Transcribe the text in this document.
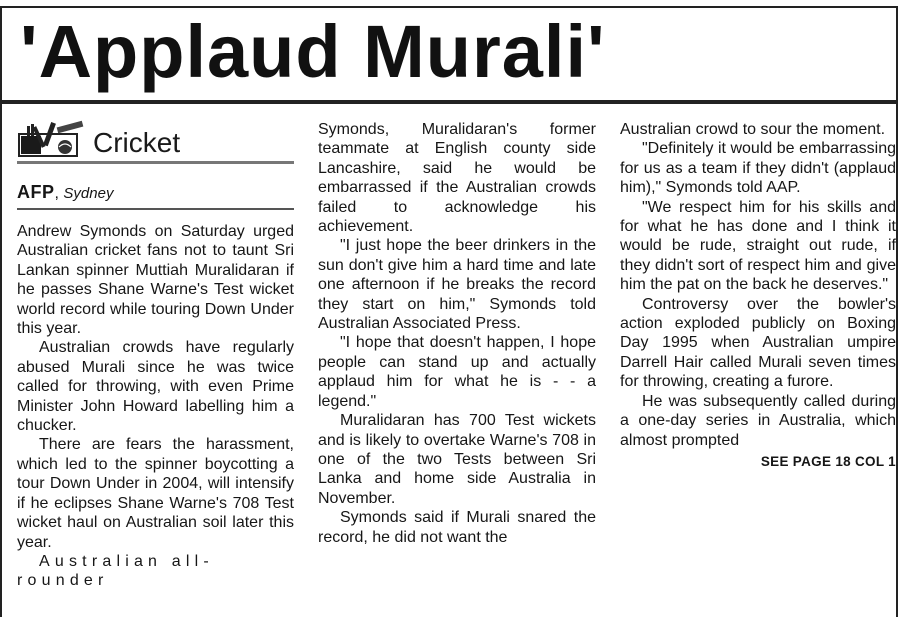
'Applaud Murali'
Cricket
AFP, Sydney

Andrew Symonds on Saturday urged Australian cricket fans not to taunt Sri Lankan spinner Muttiah Muralidaran if he passes Shane Warne's Test wicket world record while touring Down Under this year.

Australian crowds have regularly abused Murali since he was twice called for throwing, with even Prime Minister John Howard labelling him a chucker.

There are fears the harassment, which led to the spinner boycotting a tour Down Under in 2004, will intensify if he eclipses Shane Warne's 708 Test wicket haul on Australian soil later this year.

Australian all-rounder

Symonds, Muralidaran's former teammate at English county side Lancashire, said he would be embarrassed if the Australian crowds failed to acknowledge his achievement.

"I just hope the beer drinkers in the sun don't give him a hard time and late one afternoon if he breaks the record they start on him," Symonds told Australian Associated Press.

"I hope that doesn't happen, I hope people can stand up and actually applaud him for what he is - - a legend."

Muralidaran has 700 Test wickets and is likely to overtake Warne's 708 in one of the two Tests between Sri Lanka and home side Australia in November.

Symonds said if Murali snared the record, he did not want the

Australian crowd to sour the moment.

"Definitely it would be embarrassing for us as a team if they didn't (applaud him)," Symonds told AAP.

"We respect him for his skills and for what he has done and I think it would be rude, straight out rude, if they didn't sort of respect him and give him the pat on the back he deserves."

Controversy over the bowler's action exploded publicly on Boxing Day 1995 when Australian umpire Darrell Hair called Murali seven times for throwing, creating a furore.

He was subsequently called during a one-day series in Australia, which almost prompted

SEE PAGE 18 COL 1
